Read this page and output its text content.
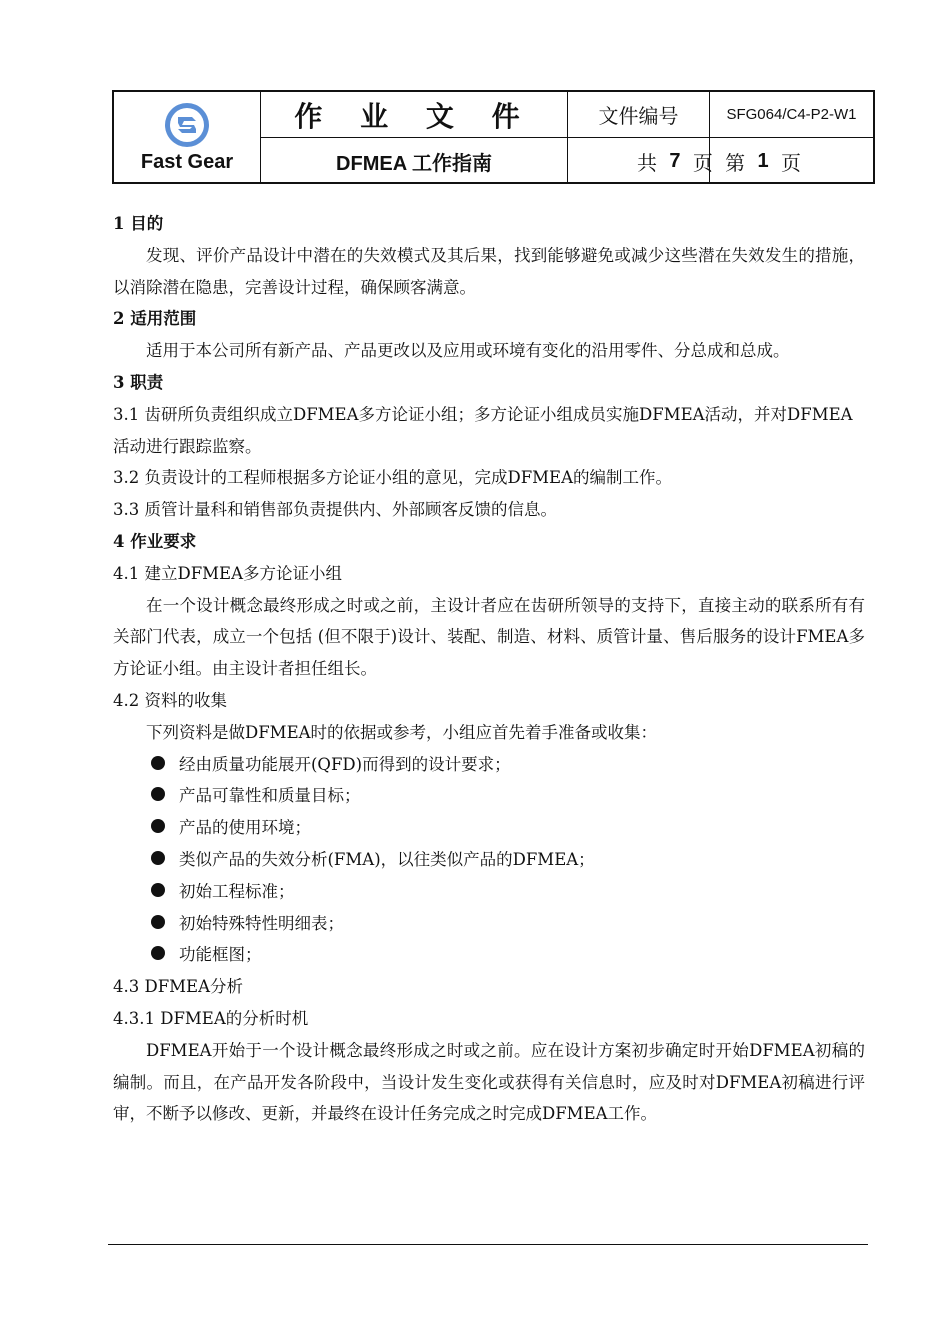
Fast Gear
作 业 文 件
DFMEA 工作指南
文件编号	SFG064/C4-P2-W1
共
7
页 第
1
页

1 目的

发现、评价产品设计中潜在的失效模式及其后果，找到能够避免或减少这些潜在失效发生的措施，以消除潜在隐患，完善设计过程，确保顾客满意。

2 适用范围

适用于本公司所有新产品、产品更改以及应用或环境有变化的沿用零件、分总成和总成。

3 职责

3.1 齿研所负责组织成立DFMEA多方论证小组；多方论证小组成员实施DFMEA活动，并对DFMEA活动进行跟踪监察。

3.2 负责设计的工程师根据多方论证小组的意见，完成DFMEA的编制工作。

3.3 质管计量科和销售部负责提供内、外部顾客反馈的信息。

4 作业要求

4.1 建立DFMEA多方论证小组

在一个设计概念最终形成之时或之前，主设计者应在齿研所领导的支持下，直接主动的联系所有有关部门代表，成立一个包括 (但不限于)设计、装配、制造、材料、质管计量、售后服务的设计FMEA多方论证小组。由主设计者担任组长。

4.2 资料的收集

下列资料是做DFMEA时的依据或参考，小组应首先着手准备或收集：

经由质量功能展开(QFD)而得到的设计要求；

产品可靠性和质量目标；

产品的使用环境；

类似产品的失效分析(FMA)，以往类似产品的DFMEA；

初始工程标准；

初始特殊特性明细表；

功能框图；

4.3 DFMEA分析

4.3.1 DFMEA的分析时机

DFMEA开始于一个设计概念最终形成之时或之前。应在设计方案初步确定时开始DFMEA初稿的编制。而且，在产品开发各阶段中，当设计发生变化或获得有关信息时，应及时对DFMEA初稿进行评审，不断予以修改、更新，并最终在设计任务完成之时完成DFMEA工作。
